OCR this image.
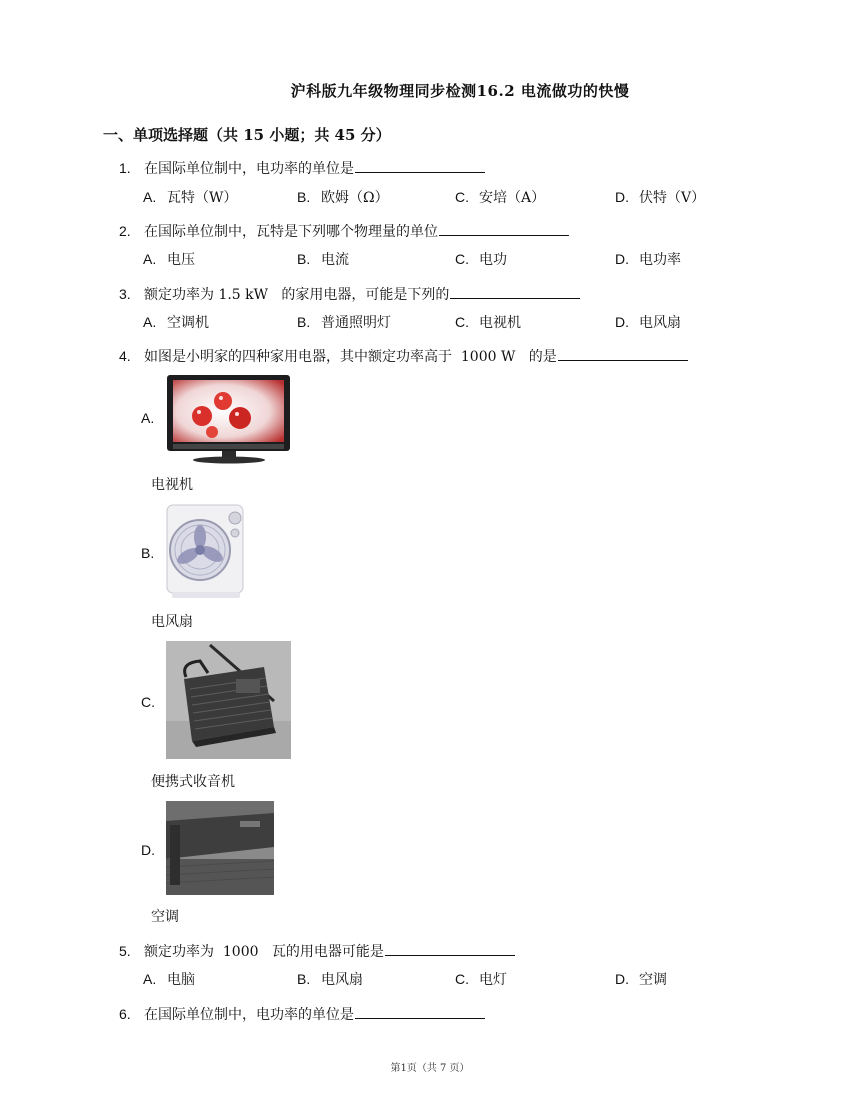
沪科版九年级物理同步检测16.2 电流做功的快慢
一、单项选择题（共 15 小题；共 45 分）
1. 在国际单位制中，电功率的单位是
A. 瓦特（W）	B. 欧姆（Ω）	C. 安培（A）	D. 伏特（V）
2. 在国际单位制中，瓦特是下列哪个物理量的单位
A. 电压	B. 电流	C. 电功	D. 电功率
3. 额定功率为 1.5 kW   的家用电器，可能是下列的
A. 空调机	B. 普通照明灯	C. 电视机	D. 电风扇
4. 如图是小明家的四种家用电器，其中额定功率高于  1000 W   的是
A.
电视机
B.
电风扇
C.
便携式收音机
D.
空调
5. 额定功率为  1000   瓦的用电器可能是
A. 电脑	B. 电风扇	C. 电灯	D. 空调
6. 在国际单位制中，电功率的单位是
第1页（共 7 页）
